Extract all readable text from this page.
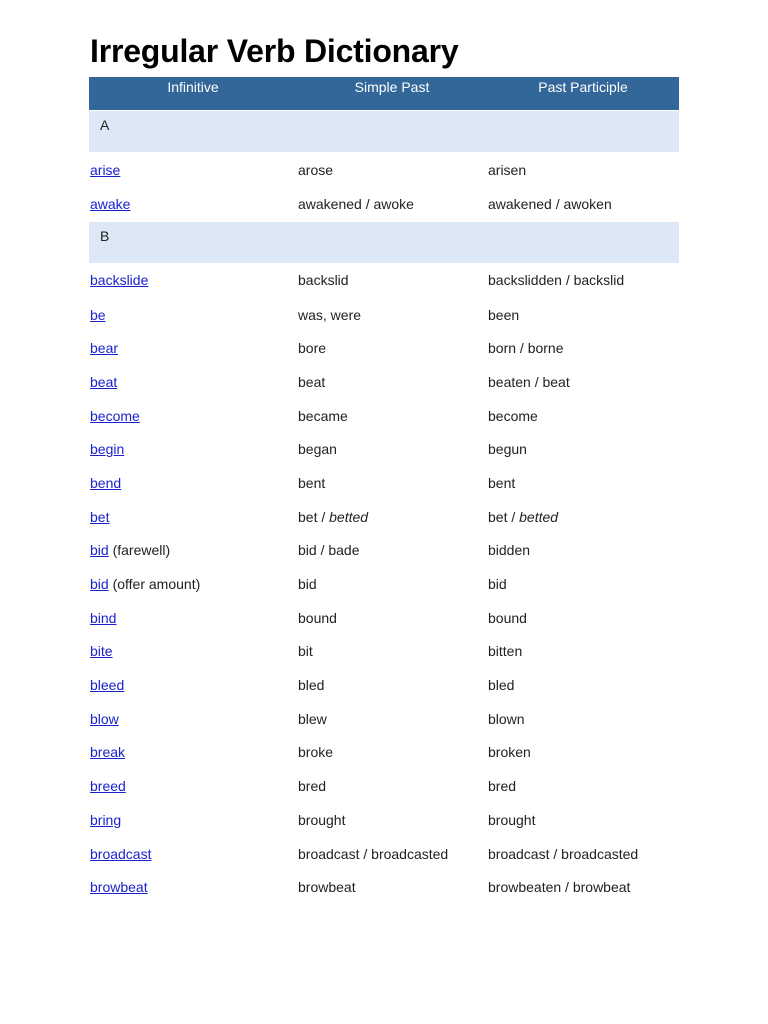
Irregular Verb Dictionary
Infinitive	Simple Past	Past Participle
A
arise	arose	arisen
awake	awakened / awoke	awakened / awoken
B
backslide	backslid	backslidden / backslid
be	was, were	been
bear	bore	born / borne
beat	beat	beaten / beat
become	became	become
begin	began	begun
bend	bent	bent
bet	bet / betted	bet / betted
bid (farewell)	bid / bade	bidden
bid (offer amount)	bid	bid
bind	bound	bound
bite	bit	bitten
bleed	bled	bled
blow	blew	blown
break	broke	broken
breed	bred	bred
bring	brought	brought
broadcast	broadcast / broadcasted	broadcast / broadcasted
browbeat	browbeat	browbeaten / browbeat
